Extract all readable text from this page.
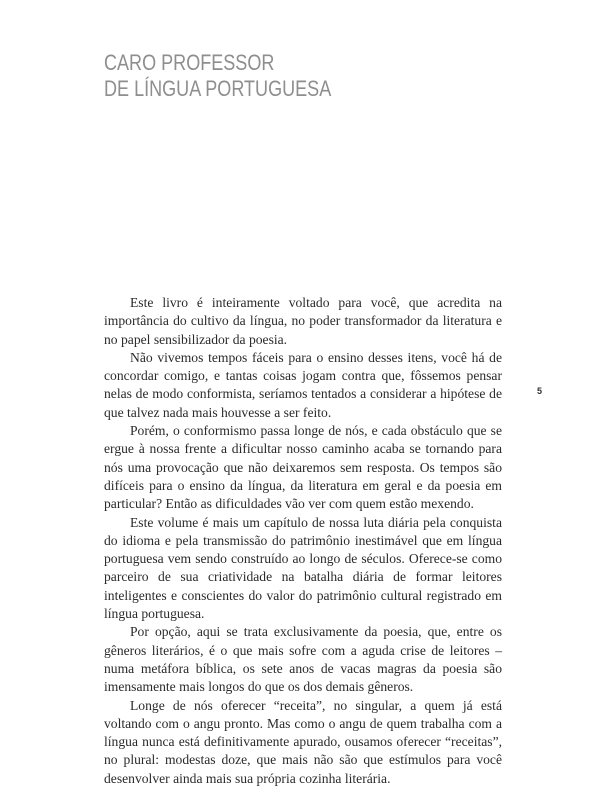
CARO PROFESSOR
DE LÍNGUA PORTUGUESA

Este livro é inteiramente voltado para você, que acredita na importância do cultivo da língua, no poder transformador da literatura e no papel sensibilizador da poesia.

Não vivemos tempos fáceis para o ensino desses itens, você há de concordar comigo, e tantas coisas jogam contra que, fôssemos pensar nelas de modo conformista, seríamos tentados a considerar a hipótese de que talvez nada mais houvesse a ser feito.

Porém, o conformismo passa longe de nós, e cada obstáculo que se ergue à nossa frente a dificultar nosso caminho acaba se tornando para nós uma provocação que não deixaremos sem resposta. Os tempos são difíceis para o ensino da língua, da literatura em geral e da poesia em particular? Então as dificuldades vão ver com quem estão mexendo.

Este volume é mais um capítulo de nossa luta diária pela conquista do idioma e pela transmissão do patrimônio inestimável que em língua portuguesa vem sendo construído ao longo de séculos. Oferece-se como parceiro de sua criatividade na batalha diária de formar leitores inteligentes e conscientes do valor do patrimônio cultural registrado em língua portuguesa.

Por opção, aqui se trata exclusivamente da poesia, que, entre os gêneros literários, é o que mais sofre com a aguda crise de leitores – numa metáfora bíblica, os sete anos de vacas magras da poesia são imensamente mais longos do que os dos demais gêneros.

Longe de nós oferecer “receita”, no singular, a quem já está voltando com o angu pronto. Mas como o angu de quem trabalha com a língua nunca está definitivamente apurado, ousamos oferecer “receitas”, no plural: modestas doze, que mais não são que estímulos para você desenvolver ainda mais sua própria cozinha literária.

5
